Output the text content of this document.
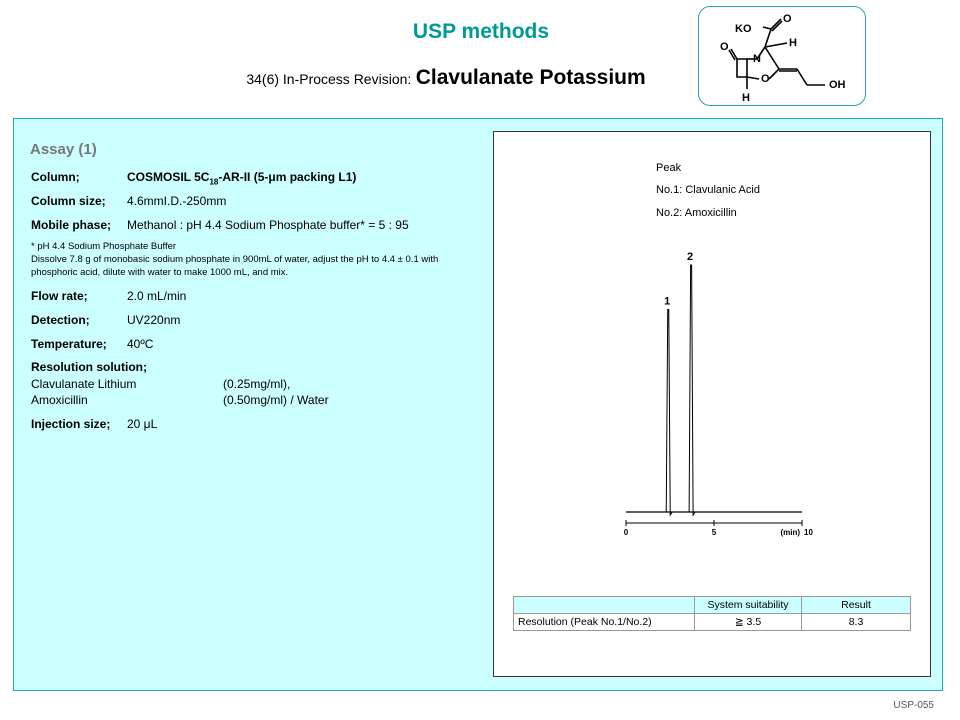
USP methods
34(6) In-Process Revision: Clavulanate Potassium
KO
O
H
O
N
O	OH
H
Assay (1)
Column;	COSMOSIL $5C_{18}-AR-II$ (5-μm packing L1)
Column size; 4.6mmI.D.-250mm
Mobile phase; Methanol : pH 4.4 Sodium Phosphate buffer* = 5 : 95
* pH 4.4 Sodium Phosphate Buffer
Dissolve 7.8 g of monobasic sodium phosphate in 900mL of water, adjust the pH to 4.4 ± 0.1 with phosphoric acid, dilute with water to make 1000 mL, and mix.
Flow rate;	2.0 mL/min
Detection;	UV220nm
Temperature; 40ºC
Resolution solution;
Clavulanate Lithium	(0.25mg/ml),
Amoxicillin	(0.50mg/ml) / Water
Injection size; 20 μL
Peak
No.1: Clavulanic Acid
No.2: Amoxicillin
0	5	10
(min)
1
2
	System suitability	Result
Resolution (Peak No.1/No.2)	≧ 3.5	8.3
USP-055
